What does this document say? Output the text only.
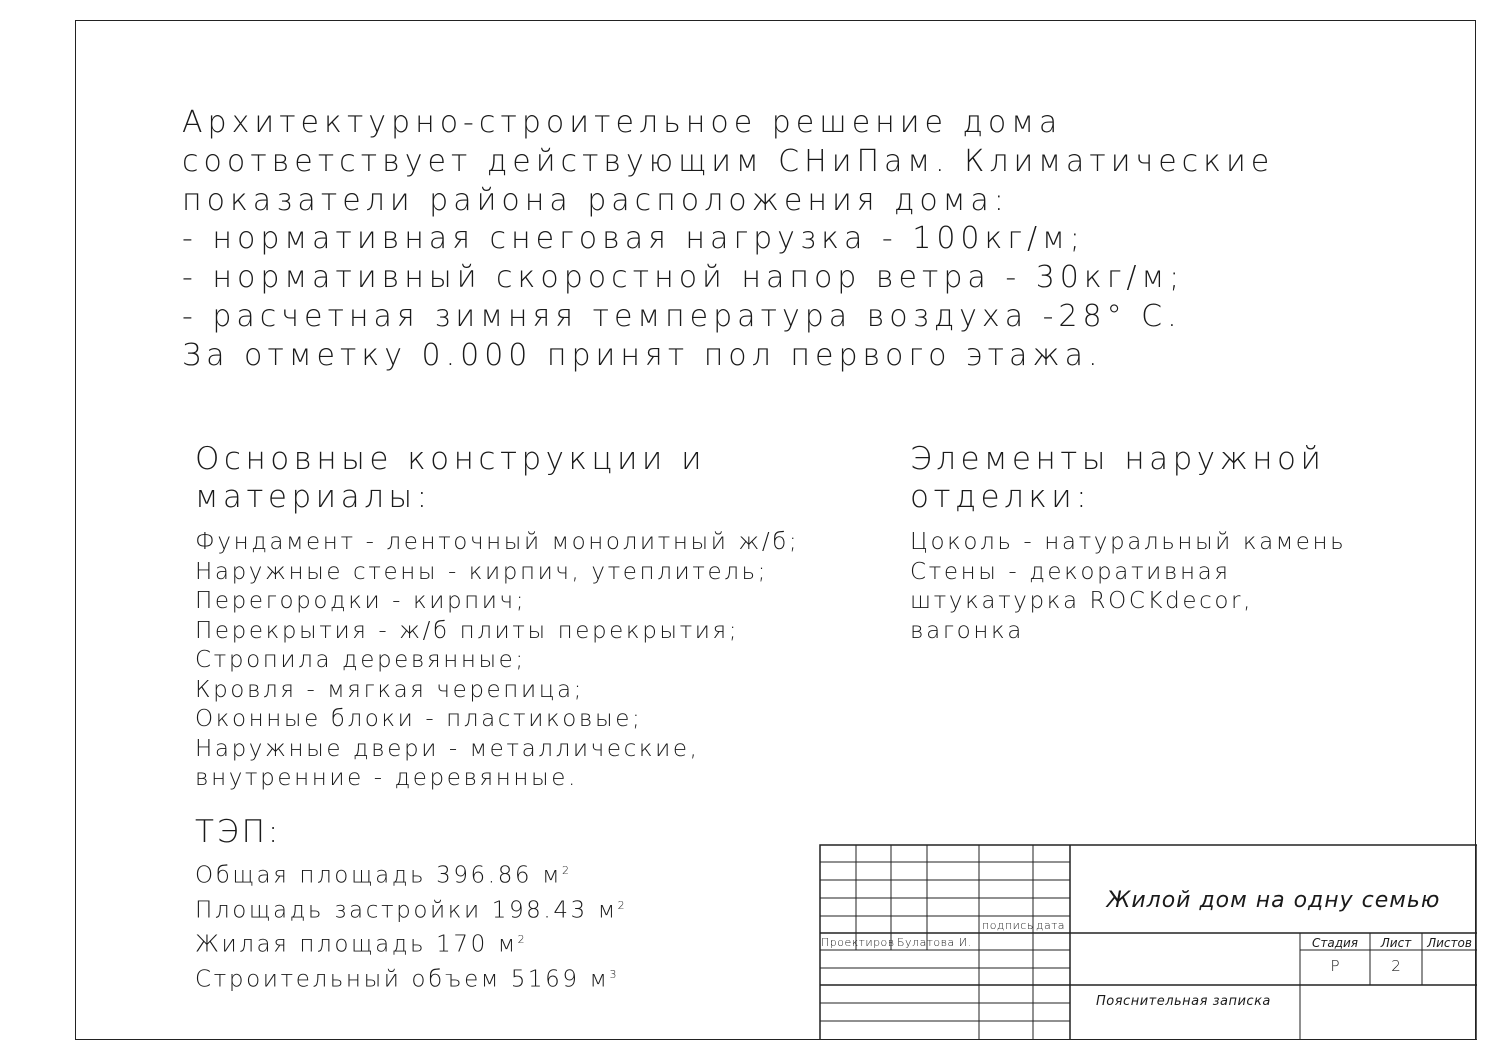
Архитектурно-строительное решение дома
соответствует действующим СНиПам. Климатические
показатели района расположения дома:
- нормативная снеговая нагрузка - 100кг/м;
- нормативный скоростной напор ветра - 30кг/м;
- расчетная зимняя температура воздуха -28° С.
За отметку 0.000 принят пол первого этажа.
Основные конструкции и
материалы:
Элементы наружной
отделки:
Фундамент - ленточный монолитный ж/б;
Наружные стены - кирпич, утеплитель;
Перегородки - кирпич;
Перекрытия - ж/б плиты перекрытия;
Стропила деревянные;
Кровля - мягкая черепица;
Оконные блоки - пластиковые;
Наружные двери - металлические,
внутренние - деревянные.
Цоколь - натуральный камень
Стены - декоративная
штукатурка ROCKdecor,
вагонка
ТЭП:
Общая площадь 396.86 $м^2$
Площадь застройки 198.43 $м^2$
Жилая площадь 170 $м^2$
Строительный объем 5169 $м^3$
Жилой дом на одну семью
подпись дата
Проектиров Булатова И.	Стадия	Лист	Листов
Р	2
Пояснительная записка
